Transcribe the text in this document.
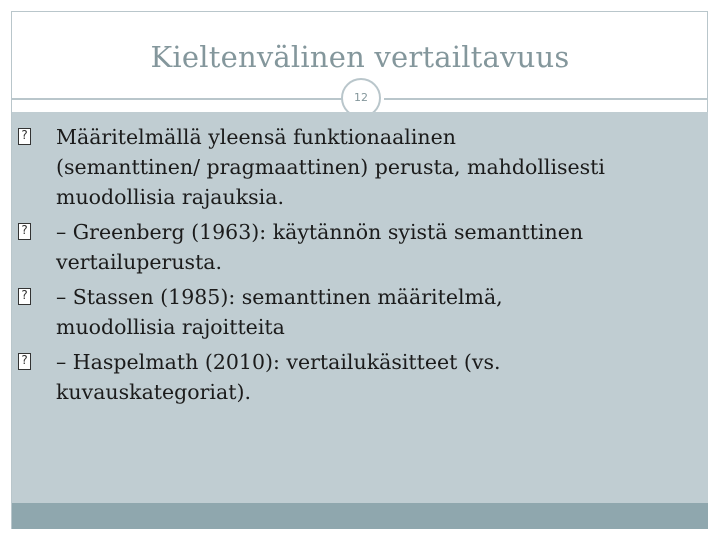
Kieltenvälinen vertailtavuus
12
?
Määritelmällä yleensä funktionaalinen
(semanttinen/ pragmaattinen) perusta, mahdollisesti
muodollisia rajauksia.
?
– Greenberg (1963): käytännön syistä semanttinen
vertailuperusta.
?
– Stassen (1985): semanttinen määritelmä,
muodollisia rajoitteita
?
– Haspelmath (2010): vertailukäsitteet (vs.
kuvauskategoriat).
